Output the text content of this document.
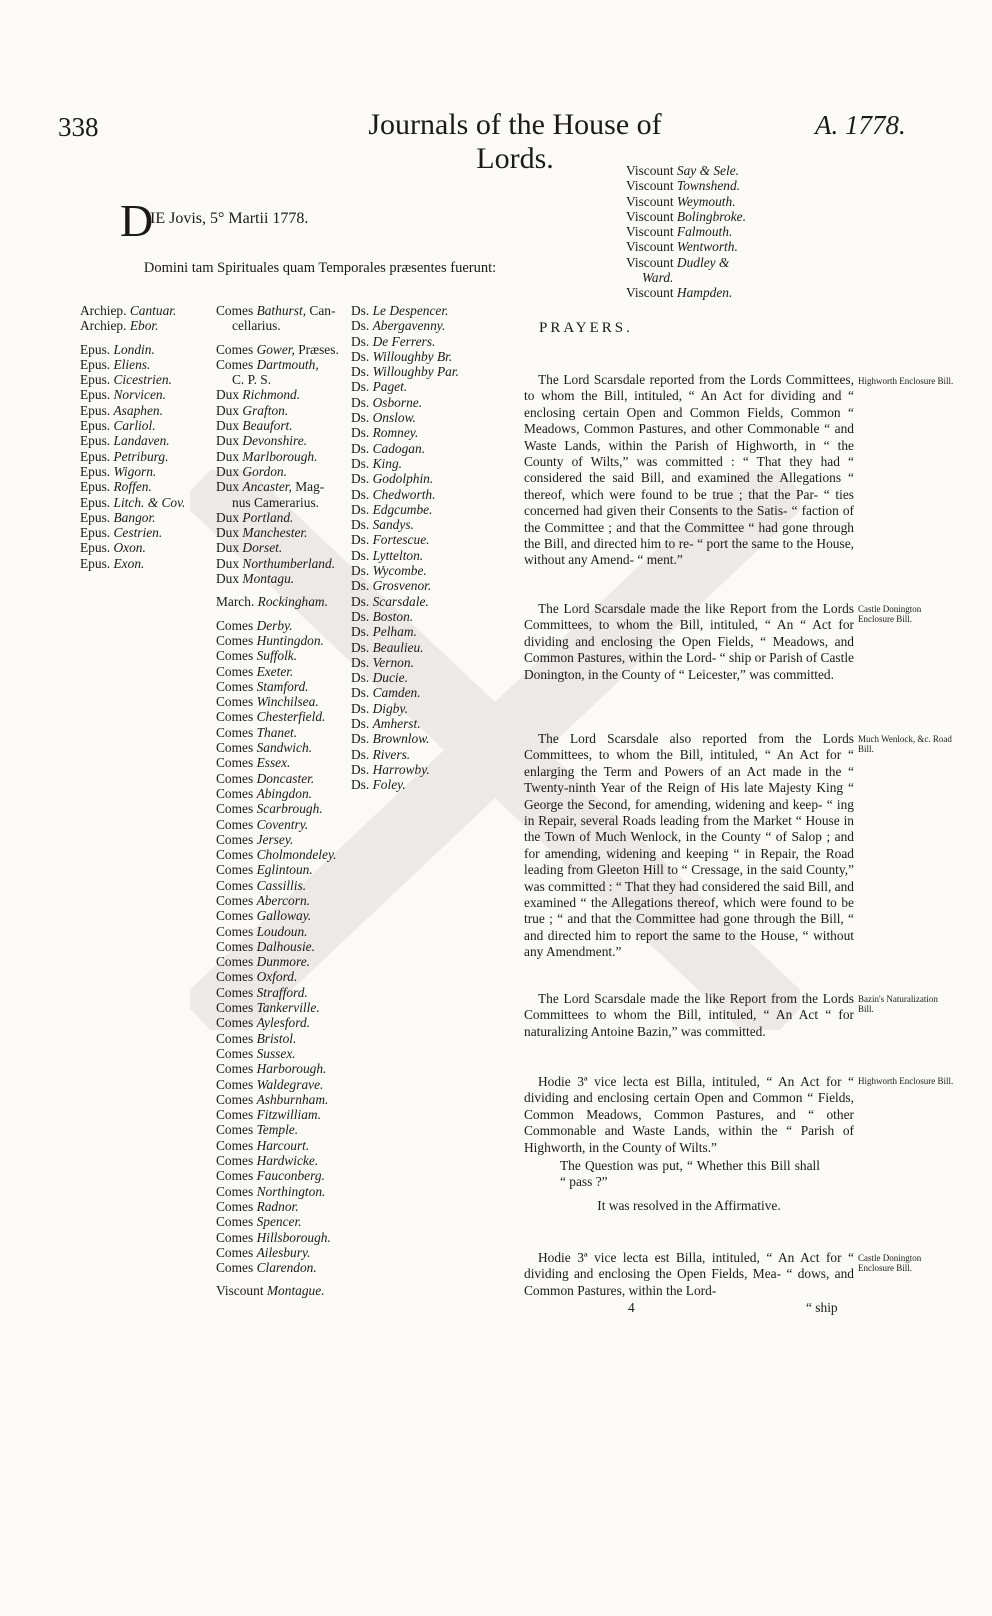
338	Journals of the House of Lords.
A. 1778.
D
IE Jovis, 5° Martii 1778.
Domini tam Spirituales quam Temporales præsentes fuerunt:
Archiep. Cantuar.
Archiep. Ebor.
Epus. Londin.
Epus. Eliens.
Epus. Cicestrien.
Epus. Norvicen.
Epus. Asaphen.
Epus. Carliol.
Epus. Landaven.
Epus. Petriburg.
Epus. Wigorn.
Epus. Roffen.
Epus. Litch. & Cov.
Epus. Bangor.
Epus. Cestrien.
Epus. Oxon.
Epus. Exon.
Comes Bathurst, Can-
cellarius.
Comes Gower, Præses.
Comes Dartmouth,
C. P. S.
Dux Richmond.
Dux Grafton.
Dux Beaufort.
Dux Devonshire.
Dux Marlborough.
Dux Gordon.
Dux Ancaster, Mag-
nus Camerarius.
Dux Portland.
Dux Manchester.
Dux Dorset.
Dux Northumberland.
Dux Montagu.
March. Rockingham.
Comes Derby.
Comes Huntingdon.
Comes Suffolk.
Comes Exeter.
Comes Stamford.
Comes Winchilsea.
Comes Chesterfield.
Comes Thanet.
Comes Sandwich.
Comes Essex.
Comes Doncaster.
Comes Abingdon.
Comes Scarbrough.
Comes Coventry.
Comes Jersey.
Comes Cholmondeley.
Comes Eglintoun.
Comes Cassillis.
Comes Abercorn.
Comes Galloway.
Comes Loudoun.
Comes Dalhousie.
Comes Dunmore.
Comes Oxford.
Comes Strafford.
Comes Tankerville.
Comes Aylesford.
Comes Bristol.
Comes Sussex.
Comes Harborough.
Comes Waldegrave.
Comes Ashburnham.
Comes Fitzwilliam.
Comes Temple.
Comes Harcourt.
Comes Hardwicke.
Comes Fauconberg.
Comes Northington.
Comes Radnor.
Comes Spencer.
Comes Hillsborough.
Comes Ailesbury.
Comes Clarendon.
Viscount Montague.
Ds. Le Despencer.
Ds. Abergavenny.
Ds. De Ferrers.
Ds. Willoughby Br.
Ds. Willoughby Par.
Ds. Paget.
Ds. Osborne.
Ds. Onslow.
Ds. Romney.
Ds. Cadogan.
Ds. King.
Ds. Godolphin.
Ds. Chedworth.
Ds. Edgcumbe.
Ds. Sandys.
Ds. Fortescue.
Ds. Lyttelton.
Ds. Wycombe.
Ds. Grosvenor.
Ds. Scarsdale.
Ds. Boston.
Ds. Pelham.
Ds. Beaulieu.
Ds. Vernon.
Ds. Ducie.
Ds. Camden.
Ds. Digby.
Ds. Amherst.
Ds. Brownlow.
Ds. Rivers.
Ds. Harrowby.
Ds. Foley.
Viscount Say & Sele.
Viscount Townshend.
Viscount Weymouth.
Viscount Bolingbroke.
Viscount Falmouth.
Viscount Wentworth.
Viscount Dudley &
Ward.
Viscount Hampden.
PRAYERS.

The Lord Scarsdale reported from the Lords Committees, to whom the Bill, intituled, “ An Act for dividing and “ enclosing certain Open and Common Fields, Common “ Meadows, Common Pastures, and other Commonable “ and Waste Lands, within the Parish of Highworth, in “ the County of Wilts,” was committed : “ That they had “ considered the said Bill, and examined the Allegations “ thereof, which were found to be true ; that the Par- “ ties concerned had given their Consents to the Satis- “ faction of the Committee ; and that the Committee “ had gone through the Bill, and directed him to re- “ port the same to the House, without any Amend- “ ment.”

The Lord Scarsdale made the like Report from the Lords Committees, to whom the Bill, intituled, “ An “ Act for dividing and enclosing the Open Fields, “ Meadows, and Common Pastures, within the Lord- “ ship or Parish of Castle Donington, in the County of “ Leicester,” was committed.

The Lord Scarsdale also reported from the Lords Committees, to whom the Bill, intituled, “ An Act for “ enlarging the Term and Powers of an Act made in the “ Twenty-ninth Year of the Reign of His late Majesty King “ George the Second, for amending, widening and keep- “ ing in Repair, several Roads leading from the Market “ House in the Town of Much Wenlock, in the County “ of Salop ; and for amending, widening and keeping “ in Repair, the Road leading from Gleeton Hill to “ Cressage, in the said County,” was committed : “ That they had considered the said Bill, and examined “ the Allegations thereof, which were found to be true ; “ and that the Committee had gone through the Bill, “ and directed him to report the same to the House, “ without any Amendment.”

The Lord Scarsdale made the like Report from the Lords Committees to whom the Bill, intituled, “ An Act “ for naturalizing Antoine Bazin,” was committed.

Hodie 3ª vice lecta est Billa, intituled, “ An Act for “ dividing and enclosing certain Open and Common “ Fields, Common Meadows, Common Pastures, and “ other Commonable and Waste Lands, within the “ Parish of Highworth, in the County of Wilts.”

The Question was put, “ Whether this Bill shall “ pass ?”

It was resolved in the Affirmative.

Hodie 3ª vice lecta est Billa, intituled, “ An Act for “ dividing and enclosing the Open Fields, Mea- “ dows, and Common Pastures, within the Lord-

Highworth Enclosure Bill.
Castle Donington Enclosure Bill.
Much Wenlock, &c. Road Bill.
Bazin's Naturalization Bill.
Highworth Enclosure Bill.
Castle Donington Enclosure Bill.
4	“ ship
